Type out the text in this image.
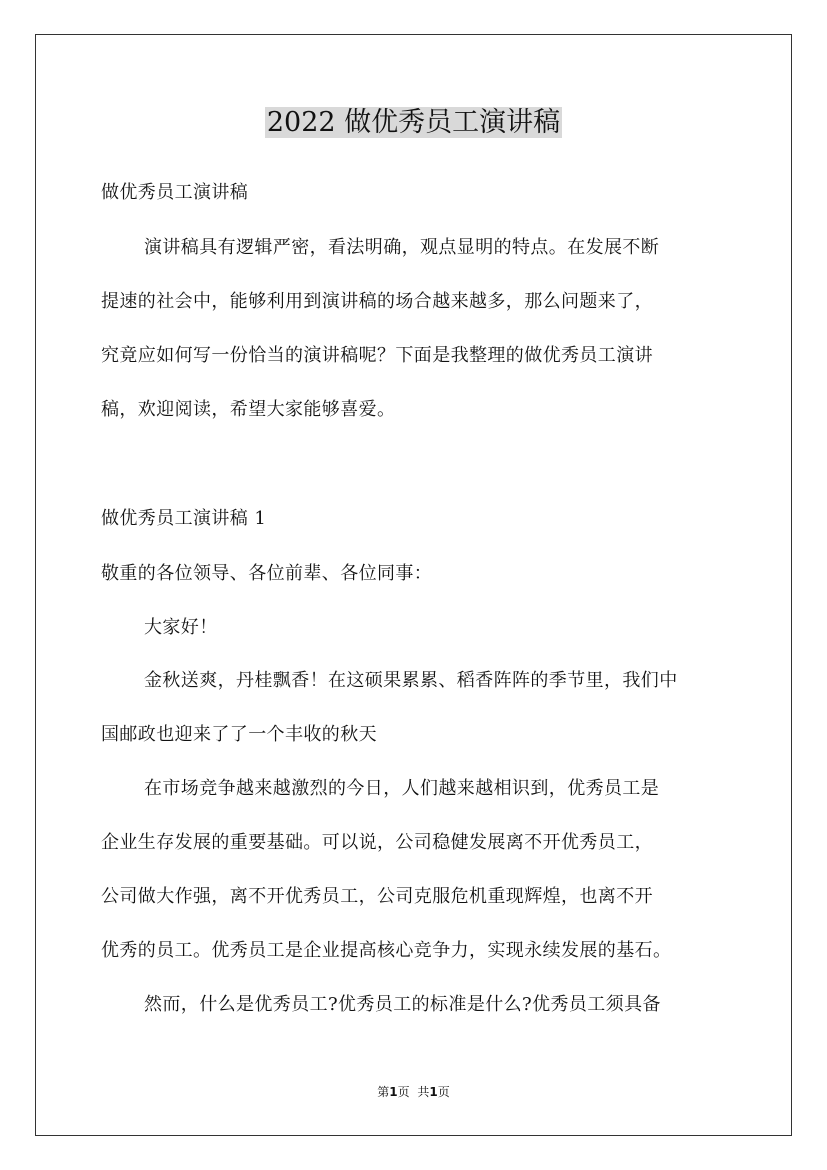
2022 做优秀员工演讲稿

做优秀员工演讲稿

演讲稿具有逻辑严密，看法明确，观点显明的特点。在发展不断

提速的社会中，能够利用到演讲稿的场合越来越多，那么问题来了，

究竟应如何写一份恰当的演讲稿呢？下面是我整理的做优秀员工演讲

稿，欢迎阅读，希望大家能够喜爱。

做优秀员工演讲稿 1

敬重的各位领导、各位前辈、各位同事：

大家好！

金秋送爽，丹桂飘香！在这硕果累累、稻香阵阵的季节里，我们中

国邮政也迎来了了一个丰收的秋天

在市场竞争越来越激烈的今日，人们越来越相识到，优秀员工是

企业生存发展的重要基础。可以说，公司稳健发展离不开优秀员工，

公司做大作强，离不开优秀员工，公司克服危机重现辉煌，也离不开

优秀的员工。优秀员工是企业提高核心竞争力，实现永续发展的基石。

然而，什么是优秀员工?优秀员工的标准是什么?优秀员工须具备

第1页 共1页
